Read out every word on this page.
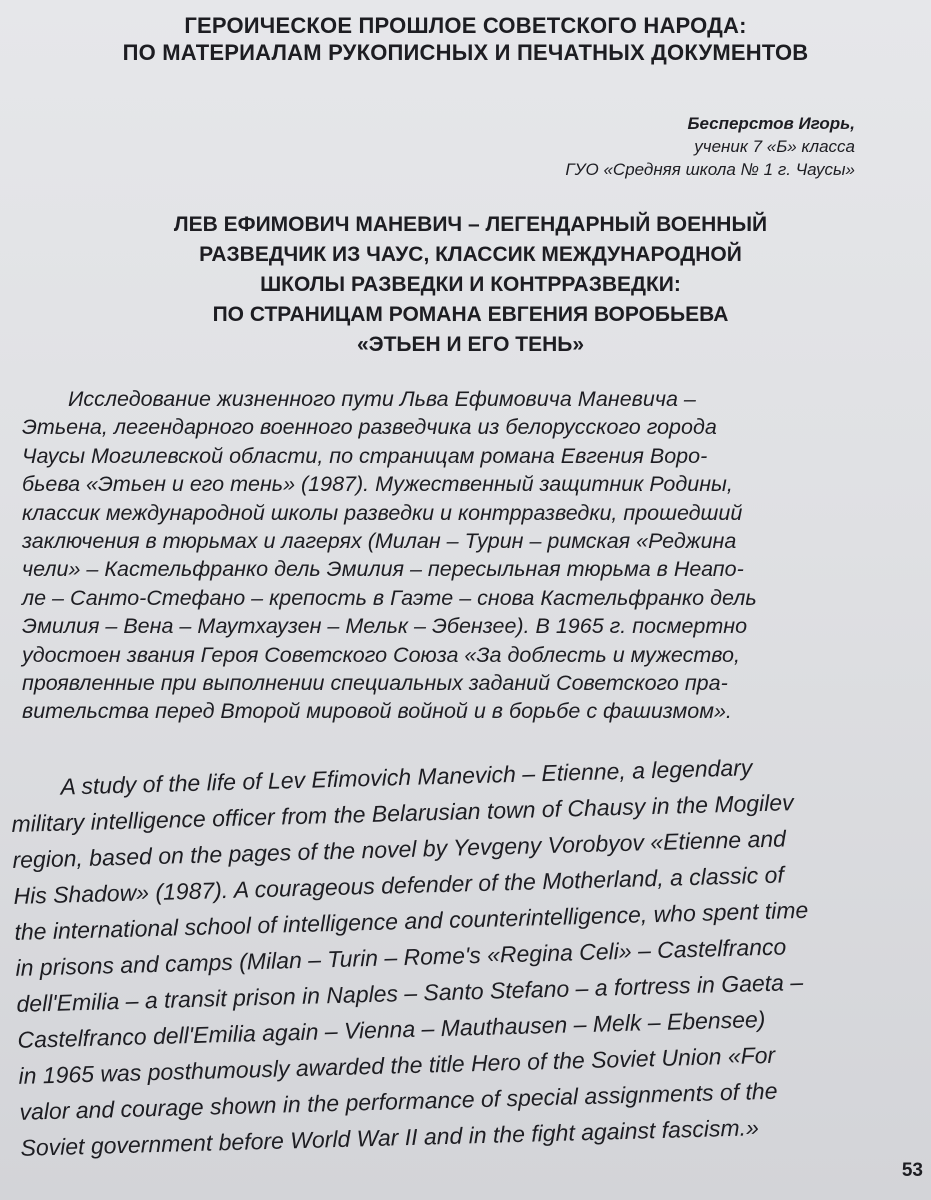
ГЕРОИЧЕСКОЕ ПРОШЛОЕ СОВЕТСКОГО НАРОДА:
ПО МАТЕРИАЛАМ РУКОПИСНЫХ И ПЕЧАТНЫХ ДОКУМЕНТОВ
Бесперстов Игорь,
ученик 7 «Б» класса
ГУО «Средняя школа № 1 г. Чаусы»
ЛЕВ ЕФИМОВИЧ МАНЕВИЧ – ЛЕГЕНДАРНЫЙ ВОЕННЫЙ
РАЗВЕДЧИК ИЗ ЧАУС, КЛАССИК МЕЖДУНАРОДНОЙ
ШКОЛЫ РАЗВЕДКИ И КОНТРРАЗВЕДКИ:
ПО СТРАНИЦАМ РОМАНА ЕВГЕНИЯ ВОРОБЬЕВА
«ЭТЬЕН И ЕГО ТЕНЬ»
Исследование жизненного пути Льва Ефимовича Маневича –
Этьена, легендарного военного разведчика из белорусского города
Чаусы Могилевской области, по страницам романа Евгения Воро-
бьева «Этьен и его тень» (1987). Мужественный защитник Родины,
классик международной школы разведки и контрразведки, прошедший
заключения в тюрьмах и лагерях (Милан – Турин – римская «Реджина
чели» – Кастельфранко дель Эмилия – пересыльная тюрьма в Неапо-
ле – Санто-Стефано – крепость в Гаэте – снова Кастельфранко дель
Эмилия – Вена – Маутхаузен – Мельк – Эбензее). В 1965 г. посмертно
удостоен звания Героя Советского Союза «За доблесть и мужество,
проявленные при выполнении специальных заданий Советского пра-
вительства перед Второй мировой войной и в борьбе с фашизмом».
A study of the life of Lev Efimovich Manevich – Etienne, a legendary
military intelligence officer from the Belarusian town of Chausy in the Mogilev
region, based on the pages of the novel by Yevgeny Vorobyov «Etienne and
His Shadow» (1987). A courageous defender of the Motherland, a classic of
the international school of intelligence and counterintelligence, who spent time
in prisons and camps (Milan – Turin – Rome's «Regina Celi» – Castelfranco
dell'Emilia – a transit prison in Naples – Santo Stefano – a fortress in Gaeta –
Castelfranco dell'Emilia again – Vienna – Mauthausen – Melk – Ebensee)
in 1965 was posthumously awarded the title Hero of the Soviet Union «For
valor and courage shown in the performance of special assignments of the
Soviet government before World War II and in the fight against fascism.»
53
